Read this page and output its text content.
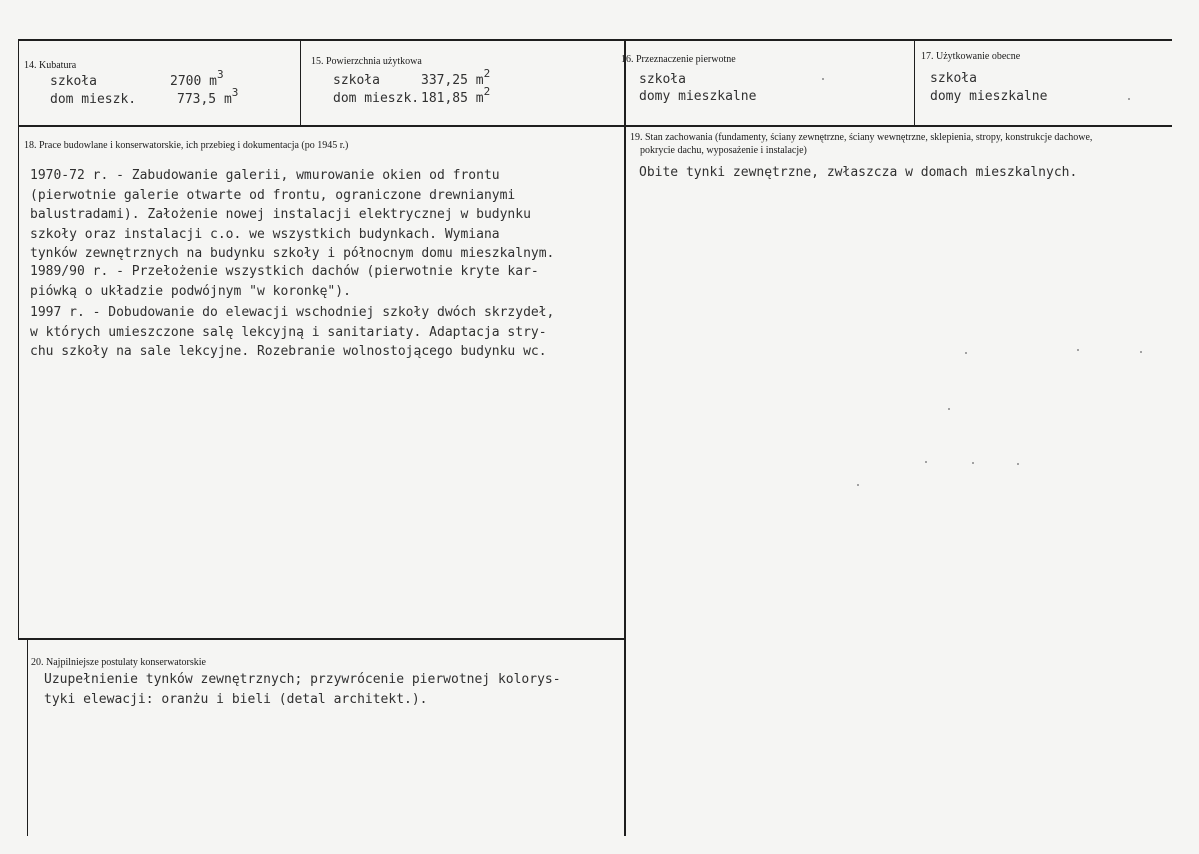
14. Kubatura
szkoła	2700 $m^3$
dom mieszk.	773,5 $m^3$
15. Powierzchnia użytkowa
szkoła	337,25 $m^2$
dom mieszk. 181,85 $m^2$
16. Przeznaczenie pierwotne
szkoła
domy mieszkalne
17. Użytkowanie obecne
szkoła
domy mieszkalne
18. Prace budowlane i konserwatorskie, ich przebieg i dokumentacja (po 1945 r.)
1970-72 r. - Zabudowanie galerii, wmurowanie okien od frontu
(pierwotnie galerie otwarte od frontu, ograniczone drewnianymi
balustradami). Założenie nowej instalacji elektrycznej w budynku
szkoły oraz instalacji c.o. we wszystkich budynkach. Wymiana
tynków zewnętrznych na budynku szkoły i północnym domu mieszkalnym.
1989/90 r. - Przełożenie wszystkich dachów (pierwotnie kryte kar-
piówką o układzie podwójnym "w koronkę").
1997 r. - Dobudowanie do elewacji wschodniej szkoły dwóch skrzydeł,
w których umieszczone salę lekcyjną i sanitariaty. Adaptacja stry-
chu szkoły na sale lekcyjne. Rozebranie wolnostojącego budynku wc.
19. Stan zachowania (fundamenty, ściany zewnętrzne, ściany wewnętrzne, sklepienia, stropy, konstrukcje dachowe,
pokrycie dachu, wyposażenie i instalacje)
Obite tynki zewnętrzne, zwłaszcza w domach mieszkalnych.
20. Najpilniejsze postulaty konserwatorskie
Uzupełnienie tynków zewnętrznych; przywrócenie pierwotnej kolorys-
tyki elewacji: oranżu i bieli (detal architekt.).
